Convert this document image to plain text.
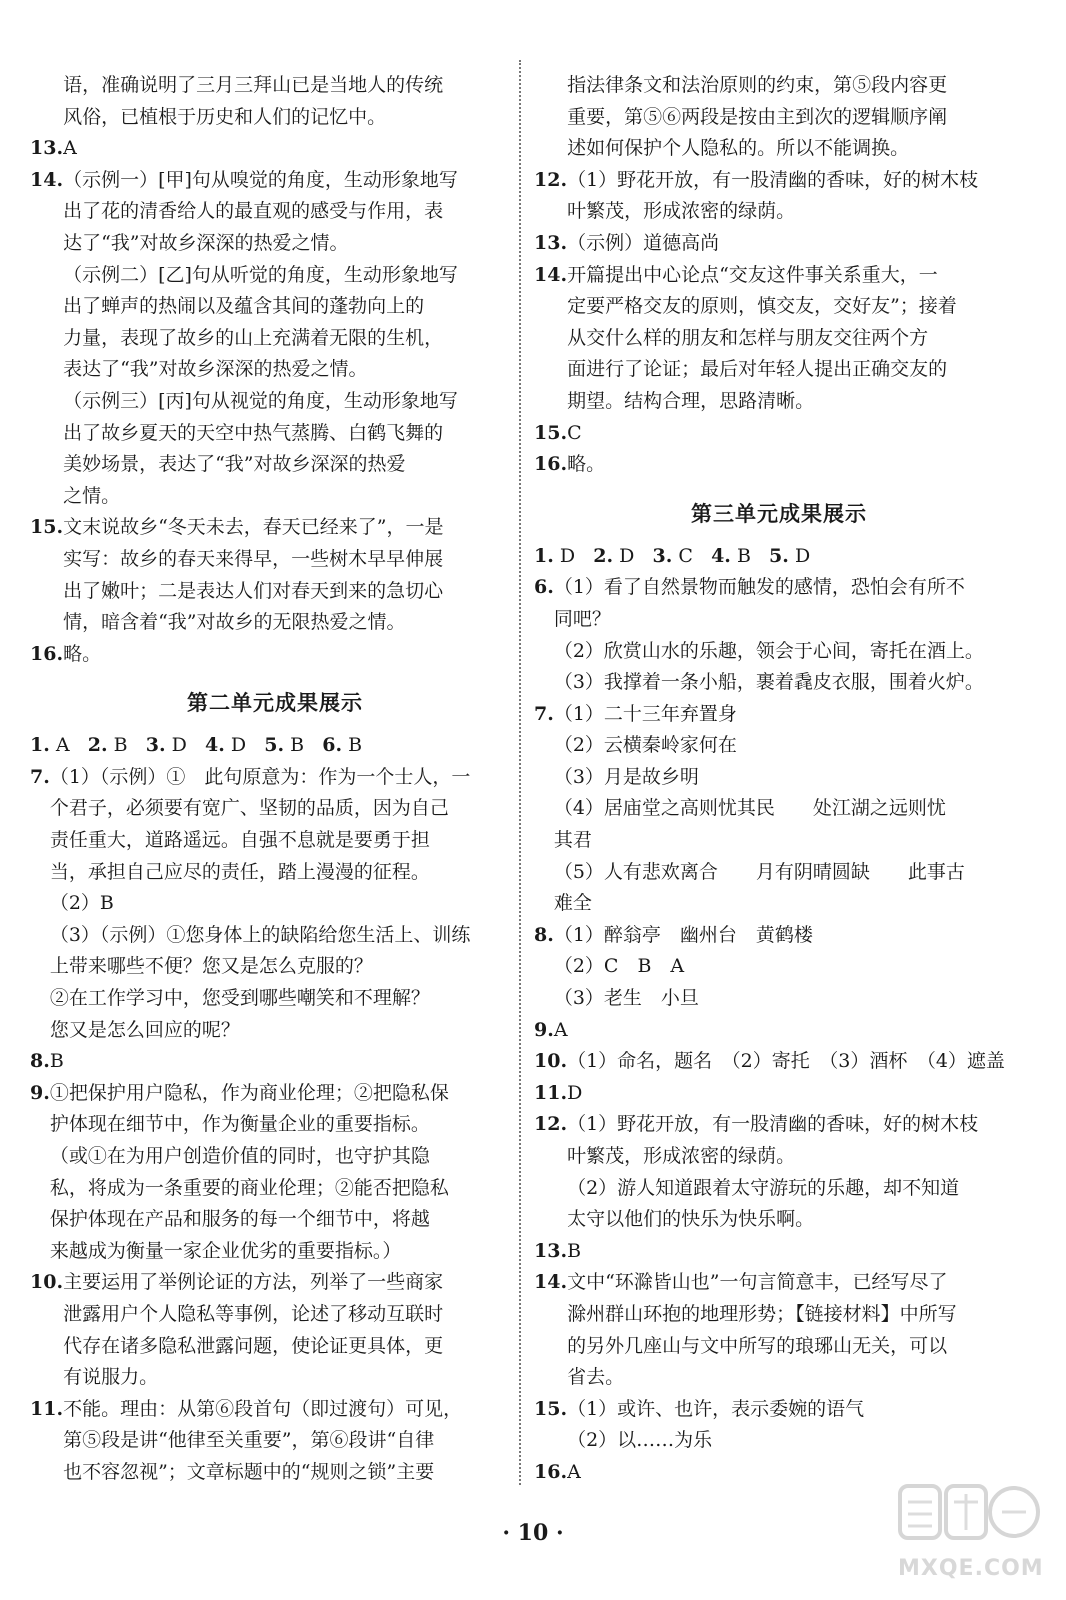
语，准确说明了三月三拜山已是当地人的传统
风俗，已植根于历史和人们的记忆中。
13. A
14. （示例一）[甲]句从嗅觉的角度，生动形象地写
出了花的清香给人的最直观的感受与作用，表
达了“我”对故乡深深的热爱之情。
（示例二）[乙]句从听觉的角度，生动形象地写
出了蝉声的热闹以及蕴含其间的蓬勃向上的
力量，表现了故乡的山上充满着无限的生机，
表达了“我”对故乡深深的热爱之情。
（示例三）[丙]句从视觉的角度，生动形象地写
出了故乡夏天的天空中热气蒸腾、白鹤飞舞的
美妙场景，表达了“我”对故乡深深的热爱
之情。
15. 文末说故乡“冬天未去，春天已经来了”，一是
实写：故乡的春天来得早，一些树木早早伸展
出了嫩叶；二是表达人们对春天到来的急切心
情，暗含着“我”对故乡的无限热爱之情。
16. 略。
第二单元成果展示
1. A 2. B 3. D 4. D 5. B 6. B
7. （1）（示例）①　此句原意为：作为一个士人，一
个君子，必须要有宽广、坚韧的品质，因为自己
责任重大，道路遥远。自强不息就是要勇于担
当，承担自己应尽的责任，踏上漫漫的征程。
（2）B
（3）（示例）①您身体上的缺陷给您生活上、训练
上带来哪些不便？您又是怎么克服的？
②在工作学习中，您受到哪些嘲笑和不理解？
您又是怎么回应的呢？
8. B
9. ①把保护用户隐私，作为商业伦理；②把隐私保
护体现在细节中，作为衡量企业的重要指标。
（或①在为用户创造价值的同时，也守护其隐
私，将成为一条重要的商业伦理；②能否把隐私
保护体现在产品和服务的每一个细节中，将越
来越成为衡量一家企业优劣的重要指标。）
10. 主要运用了举例论证的方法，列举了一些商家
泄露用户个人隐私等事例，论述了移动互联时
代存在诸多隐私泄露问题，使论证更具体，更
有说服力。
11. 不能。理由：从第⑥段首句（即过渡句）可见，
第⑤段是讲“他律至关重要”，第⑥段讲“自律
也不容忽视”；文章标题中的“规则之锁”主要
指法律条文和法治原则的约束，第⑤段内容更
重要，第⑤⑥两段是按由主到次的逻辑顺序阐
述如何保护个人隐私的。所以不能调换。
12. （1）野花开放，有一股清幽的香味，好的树木枝
叶繁茂，形成浓密的绿荫。
13. （示例）道德高尚
14. 开篇提出中心论点“交友这件事关系重大，一
定要严格交友的原则，慎交友，交好友”；接着
从交什么样的朋友和怎样与朋友交往两个方
面进行了论证；最后对年轻人提出正确交友的
期望。结构合理，思路清晰。
15. C
16. 略。
第三单元成果展示
1. D 2. D 3. C 4. B 5. D
6. （1）看了自然景物而触发的感情，恐怕会有所不
同吧？
（2）欣赏山水的乐趣，领会于心间，寄托在酒上。
（3）我撑着一条小船，裹着毳皮衣服，围着火炉。
7. （1）二十三年弃置身
（2）云横秦岭家何在
（3）月是故乡明
（4）居庙堂之高则忧其民　　处江湖之远则忧
其君
（5）人有悲欢离合　　月有阴晴圆缺　　此事古
难全
8. （1）醉翁亭　幽州台　黄鹤楼
（2）C　B　A
（3）老生　小旦
9. A
10. （1）命名，题名　（2）寄托　（3）酒杯　（4）遮盖
11. D
12. （1）野花开放，有一股清幽的香味，好的树木枝
叶繁茂，形成浓密的绿荫。
（2）游人知道跟着太守游玩的乐趣，却不知道
太守以他们的快乐为快乐啊。
13. B
14. 文中“环滁皆山也”一句言简意丰，已经写尽了
滁州群山环抱的地理形势；【链接材料】中所写
的另外几座山与文中所写的琅琊山无关，可以
省去。
15. （1）或许、也许，表示委婉的语气
（2）以……为乐
16. A
· 10 ·
MXQE.COM
